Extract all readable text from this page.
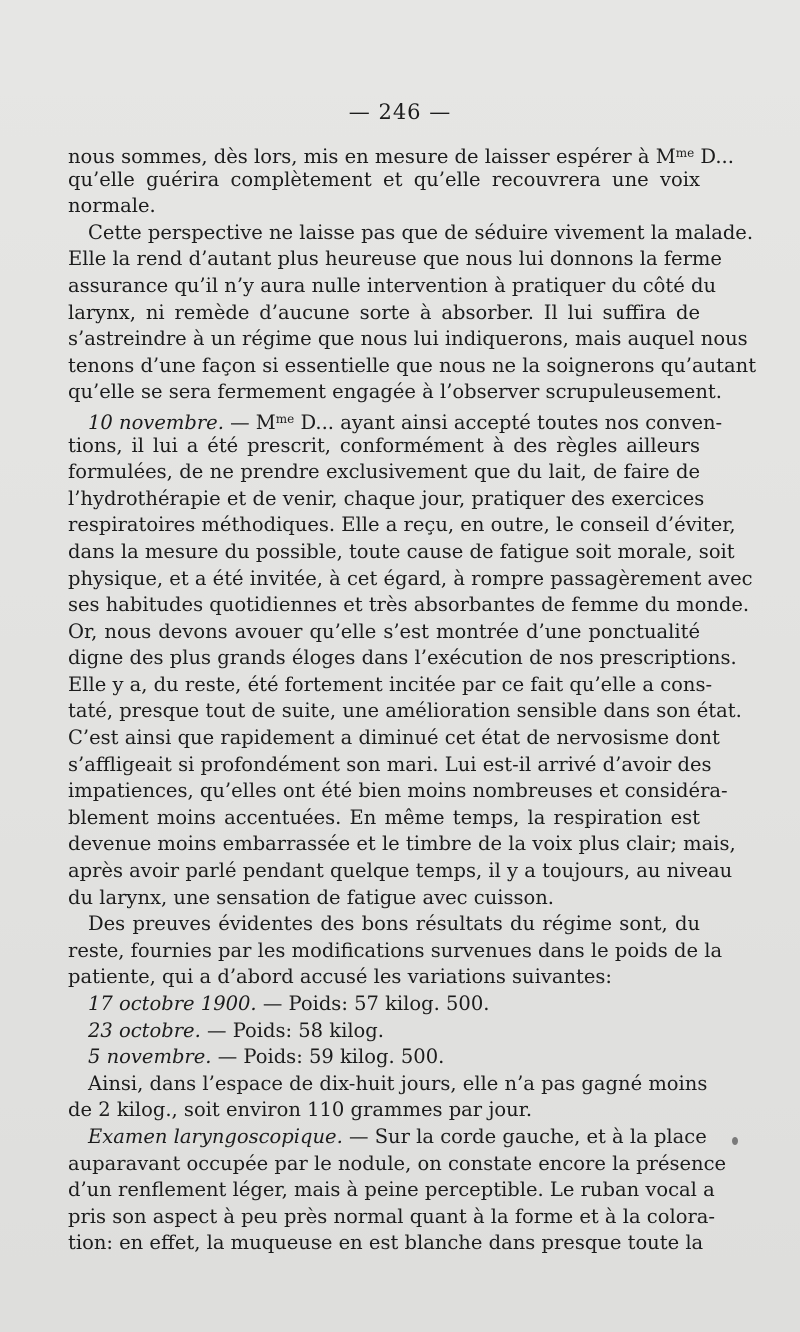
— 246 —
nous sommes, dès lors, mis en mesure de laisser espérer à $M^{me}$ D...
qu’elle guérira complètement et qu’elle recouvrera une voix
normale.
Cette perspective ne laisse pas que de séduire vivement la malade.
Elle la rend d’autant plus heureuse que nous lui donnons la ferme
assurance qu’il n’y aura nulle intervention à pratiquer du côté du
larynx, ni remède d’aucune sorte à absorber. Il lui suffira de
s’astreindre à un régime que nous lui indiquerons, mais auquel nous
tenons d’une façon si essentielle que nous ne la soignerons qu’autant
qu’elle se sera fermement engagée à l’observer scrupuleusement.
10 novembre. — $M^{me}$ D... ayant ainsi accepté toutes nos conven-
tions, il lui a été prescrit, conformément à des règles ailleurs
formulées, de ne prendre exclusivement que du lait, de faire de
l’hydrothérapie et de venir, chaque jour, pratiquer des exercices
respiratoires méthodiques. Elle a reçu, en outre, le conseil d’éviter,
dans la mesure du possible, toute cause de fatigue soit morale, soit
physique, et a été invitée, à cet égard, à rompre passagèrement avec
ses habitudes quotidiennes et très absorbantes de femme du monde.
Or, nous devons avouer qu’elle s’est montrée d’une ponctualité
digne des plus grands éloges dans l’exécution de nos prescriptions.
Elle y a, du reste, été fortement incitée par ce fait qu’elle a cons-
taté, presque tout de suite, une amélioration sensible dans son état.
C’est ainsi que rapidement a diminué cet état de nervosisme dont
s’affligeait si profondément son mari. Lui est-il arrivé d’avoir des
impatiences, qu’elles ont été bien moins nombreuses et considéra-
blement moins accentuées. En même temps, la respiration est
devenue moins embarrassée et le timbre de la voix plus clair; mais,
après avoir parlé pendant quelque temps, il y a toujours, au niveau
du larynx, une sensation de fatigue avec cuisson.
Des preuves évidentes des bons résultats du régime sont, du
reste, fournies par les modifications survenues dans le poids de la
patiente, qui a d’abord accusé les variations suivantes:
17 octobre 1900. — Poids: 57 kilog. 500.
23 octobre. — Poids: 58 kilog.
5 novembre. — Poids: 59 kilog. 500.
Ainsi, dans l’espace de dix-huit jours, elle n’a pas gagné moins
de 2 kilog., soit environ 110 grammes par jour.
Examen laryngoscopique. — Sur la corde gauche, et à la place
auparavant occupée par le nodule, on constate encore la présence
d’un renflement léger, mais à peine perceptible. Le ruban vocal a
pris son aspect à peu près normal quant à la forme et à la colora-
tion: en effet, la muqueuse en est blanche dans presque toute la
